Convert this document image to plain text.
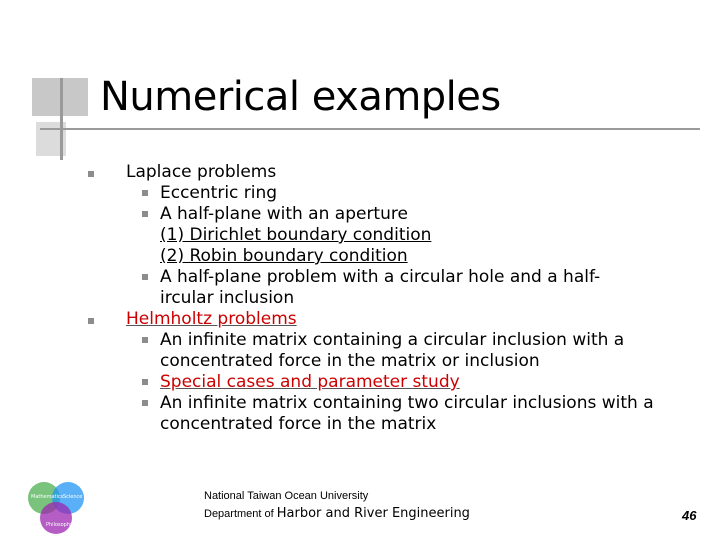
Numerical examples
Laplace problems
Eccentric ring
A half-plane with an aperture
(1) Dirichlet boundary condition
(2) Robin boundary condition
A half-plane problem with a circular hole and a half-
ircular inclusion
Helmholtz problems
An infinite matrix containing a circular inclusion with a
concentrated force in the matrix or inclusion
Special cases and parameter study
An infinite matrix containing two circular inclusions with a
concentrated force in the matrix
Mathematics Science
Philosophy
National Taiwan Ocean University
Department of Harbor and River Engineering	46
